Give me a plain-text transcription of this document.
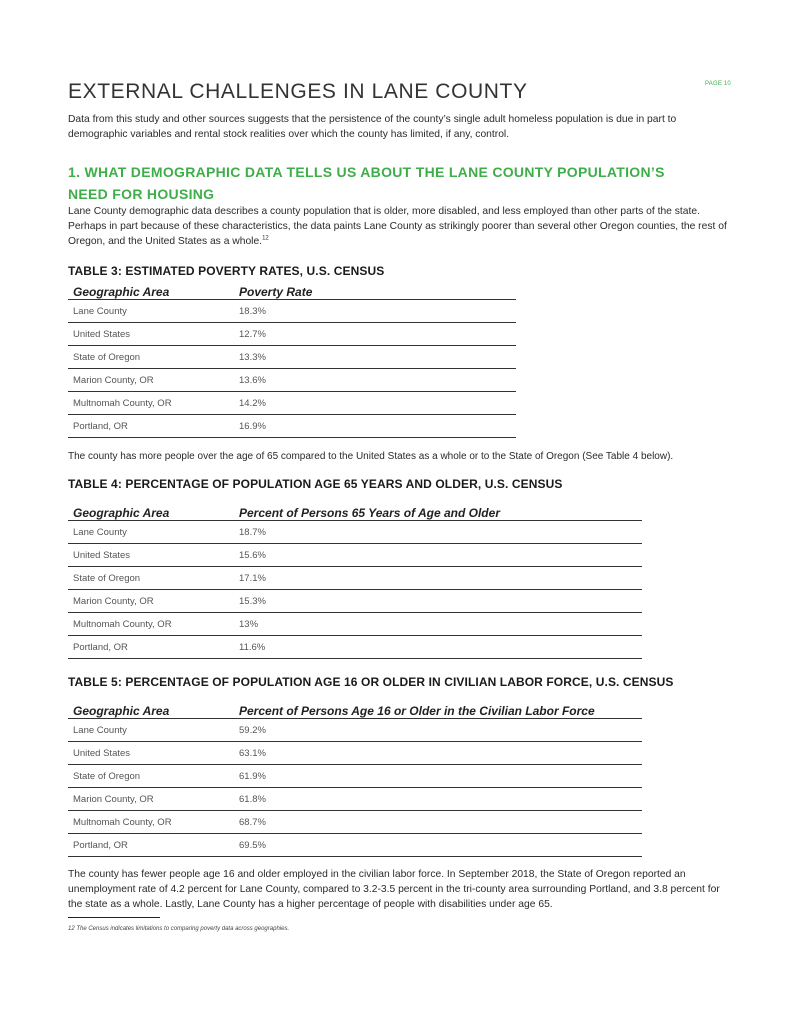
PAGE 10
EXTERNAL CHALLENGES IN LANE COUNTY

Data from this study and other sources suggests that the persistence of the county’s single adult homeless population is due in part to demographic variables and rental stock realities over which the county has limited, if any, control.

1. WHAT DEMOGRAPHIC DATA TELLS US ABOUT THE LANE COUNTY POPULATION’S NEED FOR HOUSING

Lane County demographic data describes a county population that is older, more disabled, and less employed than other parts of the state. Perhaps in part because of these characteristics, the data paints Lane County as strikingly poorer than several other Oregon counties, the rest of Oregon, and the United States as a whole.$^{12}$

TABLE 3: ESTIMATED POVERTY RATES, U.S. CENSUS
Geographic Area	Poverty Rate
Lane County	18.3%
United States	12.7%
State of Oregon	13.3%
Marion County, OR	13.6%
Multnomah County, OR	14.2%
Portland, OR	16.9%

The county has more people over the age of 65 compared to the United States as a whole or to the State of Oregon (See Table 4 below).

TABLE 4: PERCENTAGE OF POPULATION AGE 65 YEARS AND OLDER, U.S. CENSUS
Geographic Area	Percent of Persons 65 Years of Age and Older
Lane County	18.7%
United States	15.6%
State of Oregon	17.1%
Marion County, OR	15.3%
Multnomah County, OR	13%
Portland, OR	11.6%
TABLE 5: PERCENTAGE OF POPULATION AGE 16 OR OLDER IN CIVILIAN LABOR FORCE, U.S. CENSUS
Geographic Area	Percent of Persons Age 16 or Older in the Civilian Labor Force
Lane County	59.2%
United States	63.1%
State of Oregon	61.9%
Marion County, OR	61.8%
Multnomah County, OR	68.7%
Portland, OR	69.5%

The county has fewer people age 16 and older employed in the civilian labor force. In September 2018, the State of Oregon reported an unemployment rate of 4.2 percent for Lane County, compared to 3.2-3.5 percent in the tri-county area surrounding Portland, and 3.8 percent for the state as a whole. Lastly, Lane County has a higher percentage of people with disabilities under age 65.

12 The Census indicates limitations to comparing poverty data across geographies.
